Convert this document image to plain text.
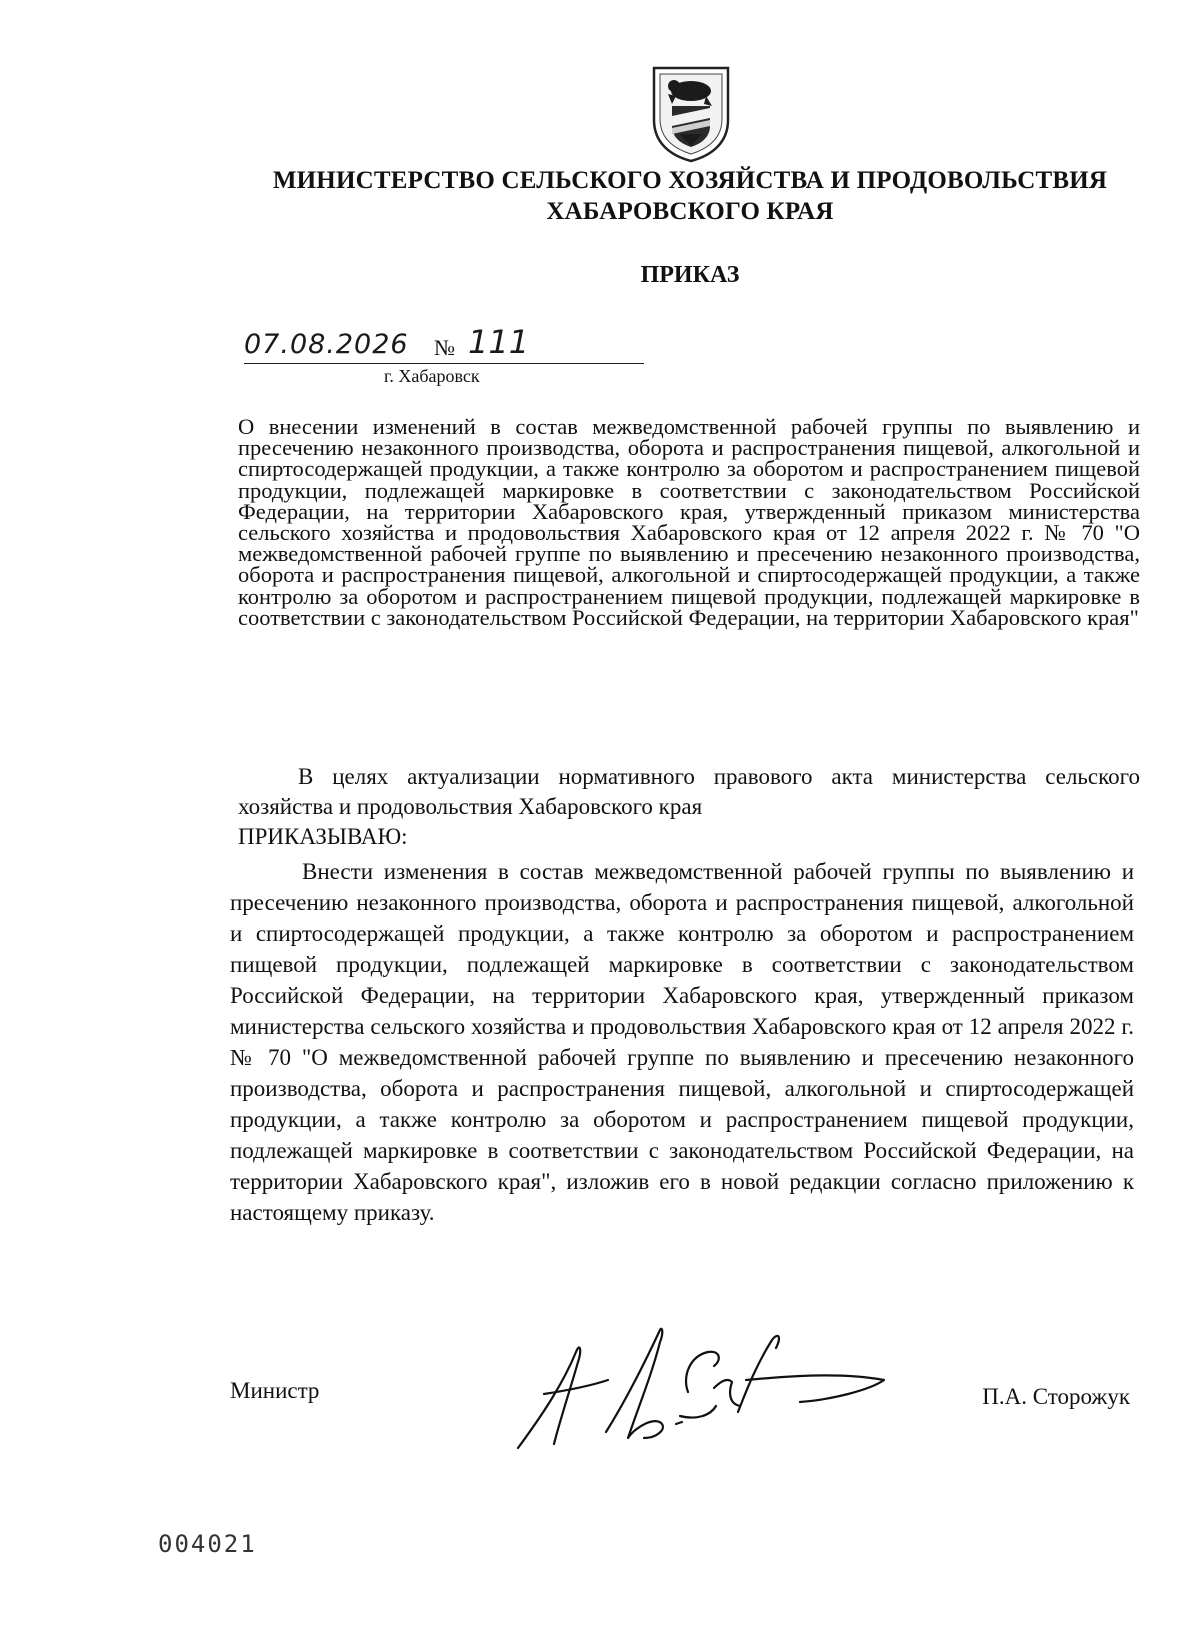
МИНИСТЕРСТВО СЕЛЬСКОГО ХОЗЯЙСТВА И ПРОДОВОЛЬСТВИЯ
ХАБАРОВСКОГО КРАЯ
ПРИКАЗ
07.08.2026 № 111
г. Хабаровск
О внесении изменений в состав межведомственной рабочей группы по выявлению и пресечению незаконного производства, оборота и распространения пищевой, алкогольной и спиртосодержащей продукции, а также контролю за оборотом и распространением пищевой продукции, подлежащей маркировке в соответствии с законодательством Российской Федерации, на территории Хабаровского края, утвержденный приказом министерства сельского хозяйства и продовольствия Хабаровского края от 12 апреля 2022 г. № 70 "О межведомственной рабочей группе по выявлению и пресечению незаконного производства, оборота и распространения пищевой, алкогольной и спиртосодержащей продукции, а также контролю за оборотом и распространением пищевой продукции, подлежащей маркировке в соответствии с законодательством Российской Федерации, на территории Хабаровского края"
В целях актуализации нормативного правового акта министерства сельского хозяйства и продовольствия Хабаровского края
ПРИКАЗЫВАЮ:
Внести изменения в состав межведомственной рабочей группы по выявлению и пресечению незаконного производства, оборота и распространения пищевой, алкогольной и спиртосодержащей продукции, а также контролю за оборотом и распространением пищевой продукции, подлежащей маркировке в соответствии с законодательством Российской Федерации, на территории Хабаровского края, утвержденный приказом министерства сельского хозяйства и продовольствия Хабаровского края от 12 апреля 2022 г. № 70 "О межведомственной рабочей группе по выявлению и пресечению незаконного производства, оборота и распространения пищевой, алкогольной и спиртосодержащей продукции, а также контролю за оборотом и распространением пищевой продукции, подлежащей маркировке в соответствии с законодательством Российской Федерации, на территории Хабаровского края", изложив его в новой редакции согласно приложению к настоящему приказу.
Министр	П.А. Сторожук
004021
